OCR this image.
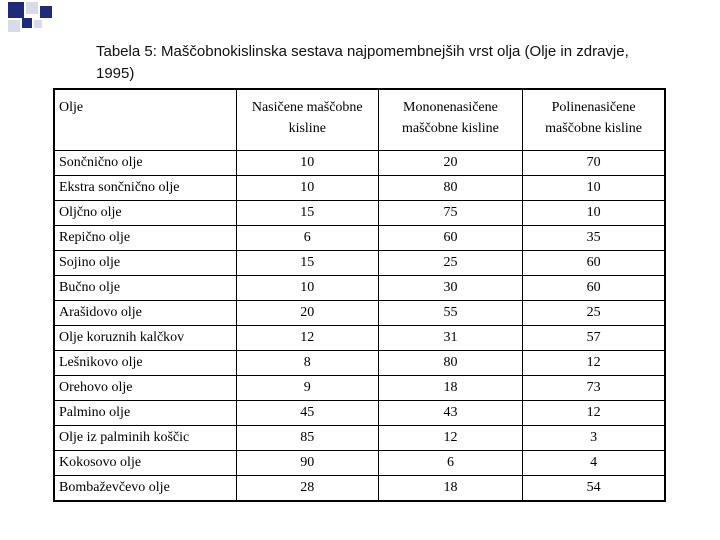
Tabela 5: Maščobnokislinska sestava najpomembnejših vrst olja (Olje in zdravje, 1995)
Olje	Nasičene maščobne kisline	Mononenasičene maščobne kisline	Polinenasičene maščobne kisline
Sončnično olje	10	20	70
Ekstra sončnično olje	10	80	10
Oljčno olje	15	75	10
Repično olje	6	60	35
Sojino olje	15	25	60
Bučno olje	10	30	60
Arašidovo olje	20	55	25
Olje koruznih kalčkov	12	31	57
Lešnikovo olje	8	80	12
Orehovo olje	9	18	73
Palmino olje	45	43	12
Olje iz palminih koščic	85	12	3
Kokosovo olje	90	6	4
Bombaževčevo olje	28	18	54
